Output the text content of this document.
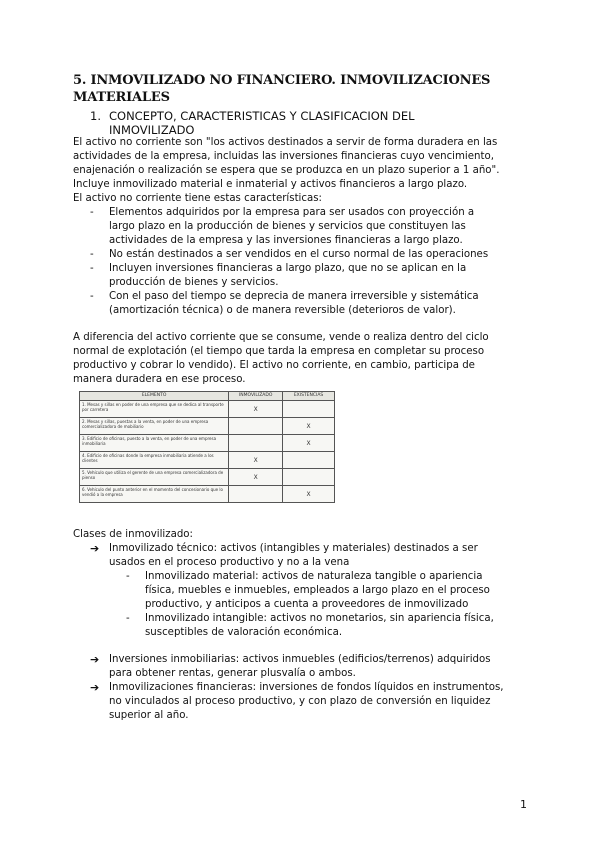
5. INMOVILIZADO NO FINANCIERO. INMOVILIZACIONES MATERIALES
1. CONCEPTO, CARACTERISTICAS Y CLASIFICACION DEL INMOVILIZADO
El activo no corriente son "los activos destinados a servir de forma duradera en las
actividades de la empresa, incluidas las inversiones financieras cuyo vencimiento,
enajenación o realización se espera que se produzca en un plazo superior a 1 año".
Incluye inmovilizado material e inmaterial y activos financieros a largo plazo.
El activo no corriente tiene estas características:
- Elementos adquiridos por la empresa para ser usados con proyección a
largo plazo en la producción de bienes y servicios que constituyen las
actividades de la empresa y las inversiones financieras a largo plazo.
- No están destinados a ser vendidos en el curso normal de las operaciones
- Incluyen inversiones financieras a largo plazo, que no se aplican en la
producción de bienes y servicios.
- Con el paso del tiempo se deprecia de manera irreversible y sistemática
(amortización técnica) o de manera reversible (deterioros de valor).
A diferencia del activo corriente que se consume, vende o realiza dentro del ciclo
normal de explotación (el tiempo que tarda la empresa en completar su proceso
productivo y cobrar lo vendido). El activo no corriente, en cambio, participa de
manera duradera en ese proceso.
ELEMENTO	INMOVILIZADO	EXISTENCIAS
1. Mesas y sillas en poder de una empresa que se dedica al transporte por carretera	X	
2. Mesas y sillas, puestas a la venta, en poder de una empresa comercializadora de mobiliario		X
3. Edificio de oficinas, puesto a la venta, en poder de una empresa inmobiliaria		X
4. Edificio de oficinas donde la empresa inmobiliaria atiende a los clientes	X	
5. Vehículo que utiliza el gerente de una empresa comercializadora de pienso	X	
6. Vehículo del punto anterior en el momento del concesionario que lo vendió a la empresa		X
Clases de inmovilizado:
➔ Inmovilizado técnico: activos (intangibles y materiales) destinados a ser
usados en el proceso productivo y no a la vena
- Inmovilizado material: activos de naturaleza tangible o apariencia
física, muebles e inmuebles, empleados a largo plazo en el proceso
productivo, y anticipos a cuenta a proveedores de inmovilizado
- Inmovilizado intangible: activos no monetarios, sin apariencia física,
susceptibles de valoración económica.
➔ Inversiones inmobiliarias: activos inmuebles (edificios/terrenos) adquiridos
para obtener rentas, generar plusvalía o ambos.
➔ Inmovilizaciones financieras: inversiones de fondos líquidos en instrumentos,
no vinculados al proceso productivo, y con plazo de conversión en liquidez
superior al año.
1
